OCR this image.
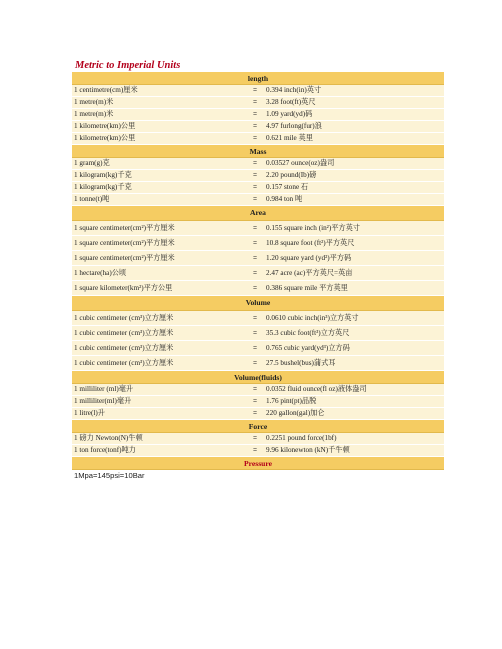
Metric to Imperial Units
length		
1 centimetre(cm)厘米	=	0.394 inch(in)英寸
1 metre(m)米	=	3.28 foot(ft)英尺
1 metre(m)米	=	1.09 yard(yd)码
1 kilometre(km)公里	=	4.97 furlong(fur)浪
1 kilometre(km)公里	=	0.621 mile 英里
Mass		
1 gram(g)克	=	0.03527 ounce(oz)盎司
1 kilogram(kg)千克	=	2.20 pound(Ib)磅
1 kilogram(kg)千克	=	0.157 stone 石
1 tonne(t)吨	=	0.984 ton 吨
Area		
1 square centimeter(cm²)平方厘米	=	0.155 square inch (in²)平方英寸
1 square centimeter(cm²)平方厘米	=	10.8 square foot (ft²)平方英尺
1 square centimeter(cm²)平方厘米	=	1.20 square yard (yd²)平方码
1 hectare(ha)公顷	=	2.47 acre (ac)平方英尺=英亩
1 square kilometer(km²)平方公里	=	0.386 square mile 平方英里
Volume		
1 cubic centimeter (cm³)立方厘米	=	0.0610 cubic inch(in³)立方英寸
1 cubic centimeter (cm³)立方厘米	=	35.3 cubic foot(ft³)立方英尺
1 cubic centimeter (cm³)立方厘米	=	0.765 cubic yard(yd³)立方码
1 cubic centimeter (cm³)立方厘米	=	27.5 bushel(bus)蒲式耳
Volume(fluids)		
1 milliliter (ml)毫升	=	0.0352 fluid ounce(fl oz)液体盎司
1 milliliter(ml)毫升	=	1.76 pint(pt)品脱
1 litre(l)升	=	220 gallon(gal)加仑
Force		
1 磅力 Newton(N)牛顿	=	0.2251 pound force(1bf)
1 ton force(tonf)吨力	=	9.96 kilonewton (kN)千牛顿
Pressure		
1Mpa=145psi=10Bar
